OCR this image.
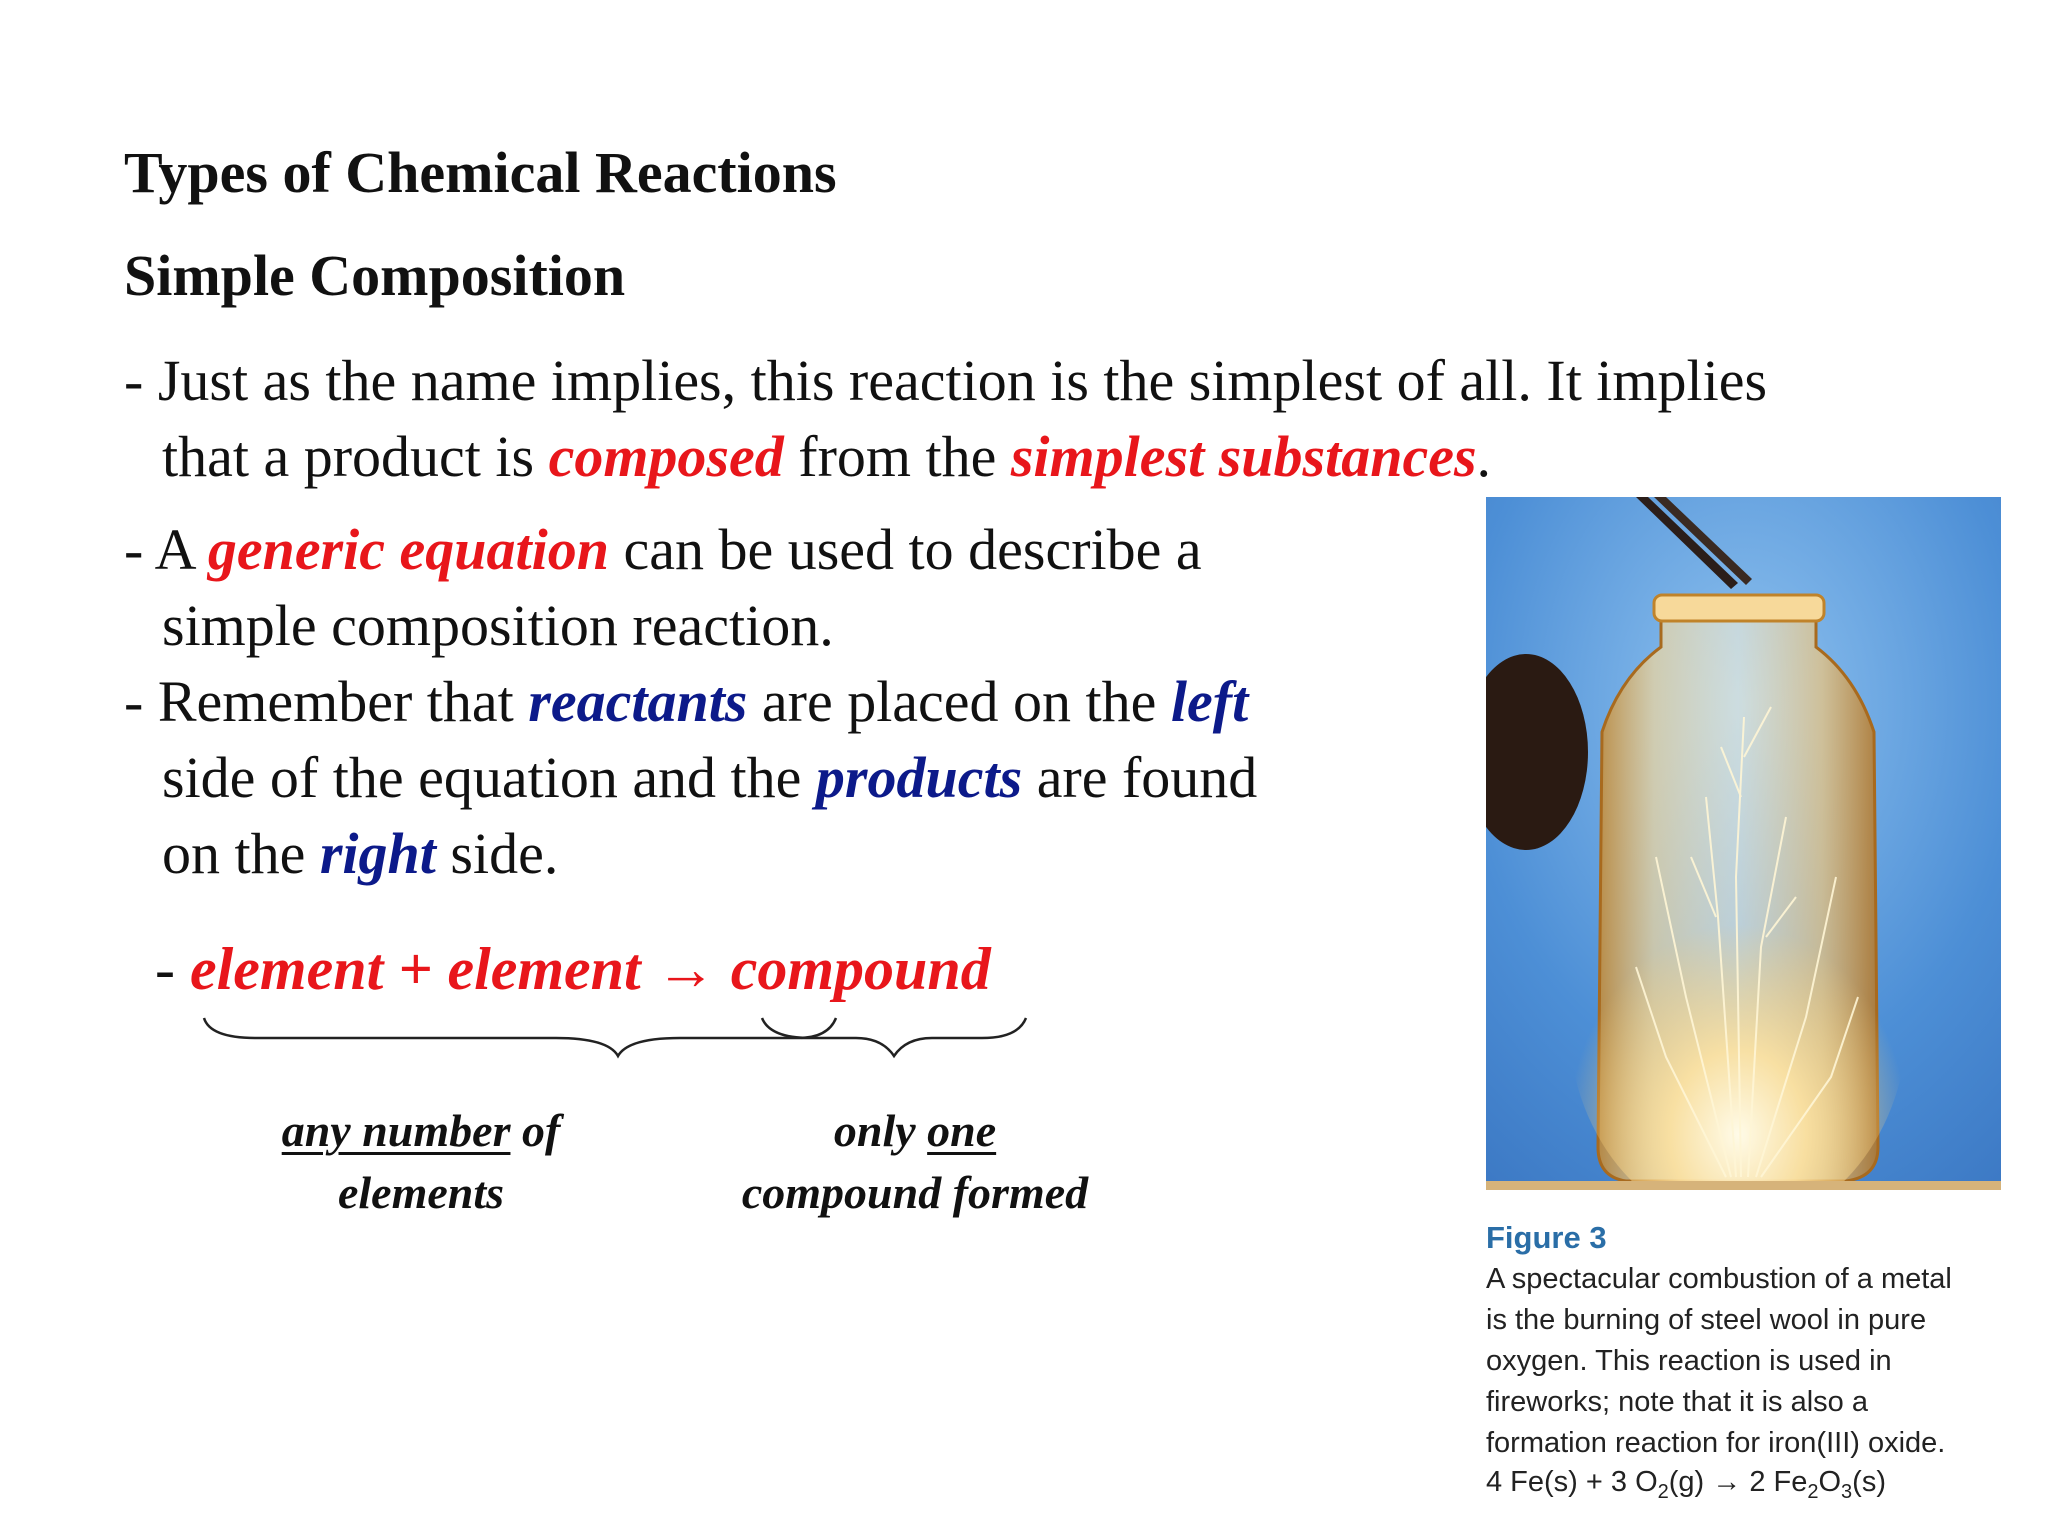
Types of Chemical Reactions
Simple Composition
- Just as the name implies, this reaction is the simplest of all. It implies
that a product is composed from the simplest substances.
- A generic equation can be used to describe a
simple composition reaction.
- Remember that reactants are placed on the left
side of the equation and the products are found
on the right side.
- element + element → compound
any number of
elements
only one
compound formed
Figure 3
A spectacular combustion of a metal
is the burning of steel wool in pure
oxygen. This reaction is used in
fireworks; note that it is also a
formation reaction for iron(III) oxide.
4 Fe(s) + 3 $O_2(g) \to 2$ $Fe_2O_3(s)$
